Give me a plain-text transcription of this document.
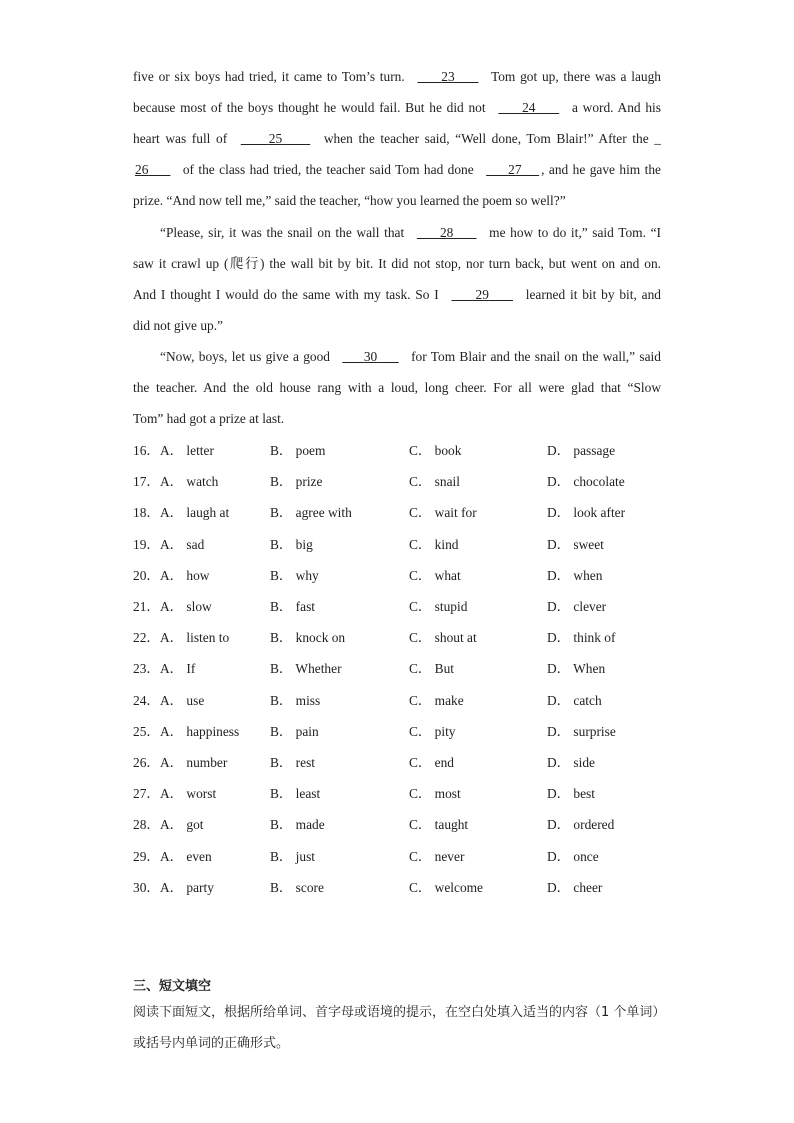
five or six boys had tried, it came to Tom’s turn.	23	Tom got up, there was a laugh
because most of the boys thought he would fail. But he did not	24	a word. And his
heart was full of	25	when the teacher said, “Well done, Tom Blair!” After the _
26	of the class had tried, the teacher said Tom had done	27 , and he gave him the
prize. “And now tell me,” said the teacher, “how you learned the poem so well?”
“Please, sir, it was the snail on the wall that	28	me how to do it,” said Tom. “I
saw it crawl up (爬行) the wall bit by bit. It did not stop, nor turn back, but went on and on.
And I thought I would do the same with my task. So I	29	learned it bit by bit, and
did not give up.”
“Now, boys, let us give a good	30	for Tom Blair and the snail on the wall,” said
the teacher. And the old house rang with a loud, long cheer. For all were glad that “Slow
Tom” had got a prize at last.
16． A． letter	B． poem	C． book	D． passage
17． A． watch	B． prize	C． snail	D． chocolate
18． A． laugh at	B． agree with	C． wait for	D． look after
19． A． sad	B． big	C． kind	D． sweet
20． A． how	B． why	C． what	D． when
21． A． slow	B． fast	C． stupid	D． clever
22． A． listen to	B． knock on	C． shout at	D． think of
23． A． If	B． Whether	C． But	D． When
24． A． use	B． miss	C． make	D． catch
25． A． happiness B． pain	C． pity	D． surprise
26． A． number	B． rest	C． end	D． side
27． A． worst	B． least	C． most	D． best
28． A． got	B． made	C． taught	D． ordered
29． A． even	B． just	C． never	D． once
30． A． party	B． score	C． welcome	D． cheer
三、短文填空
阅读下面短文，根据所给单词、首字母或语境的提示，在空白处填入适当的内容（1 个单词）或括号内单词的正确形式。
